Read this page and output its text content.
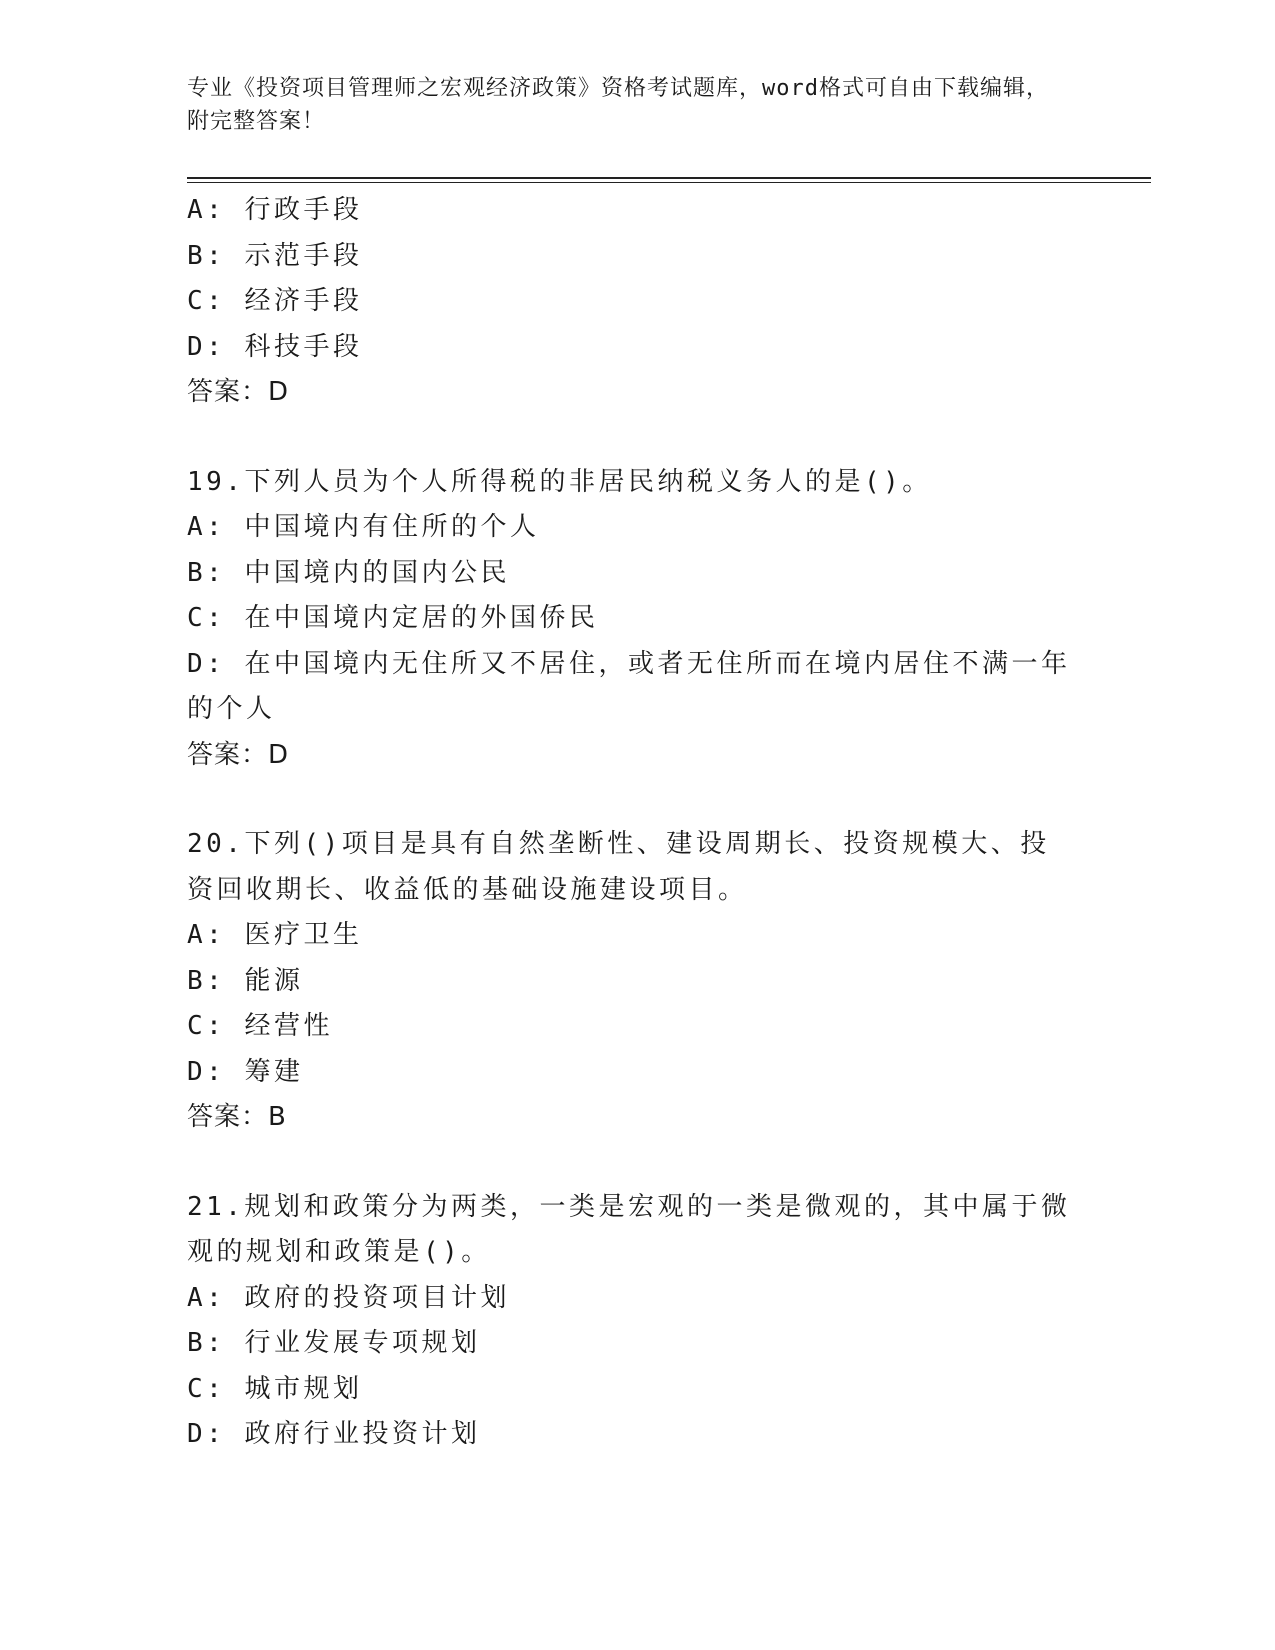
专业《投资项目管理师之宏观经济政策》资格考试题库，word格式可自由下载编辑，附完整答案！
A: 行政手段
B: 示范手段
C: 经济手段
D: 科技手段
答案：D
19.下列人员为个人所得税的非居民纳税义务人的是()。
A: 中国境内有住所的个人
B: 中国境内的国内公民
C: 在中国境内定居的外国侨民
D: 在中国境内无住所又不居住，或者无住所而在境内居住不满一年的个人
答案：D
20.下列()项目是具有自然垄断性、建设周期长、投资规模大、投资回收期长、收益低的基础设施建设项目。
A: 医疗卫生
B: 能源
C: 经营性
D: 筹建
答案：B
21.规划和政策分为两类，一类是宏观的一类是微观的，其中属于微观的规划和政策是()。
A: 政府的投资项目计划
B: 行业发展专项规划
C: 城市规划
D: 政府行业投资计划
